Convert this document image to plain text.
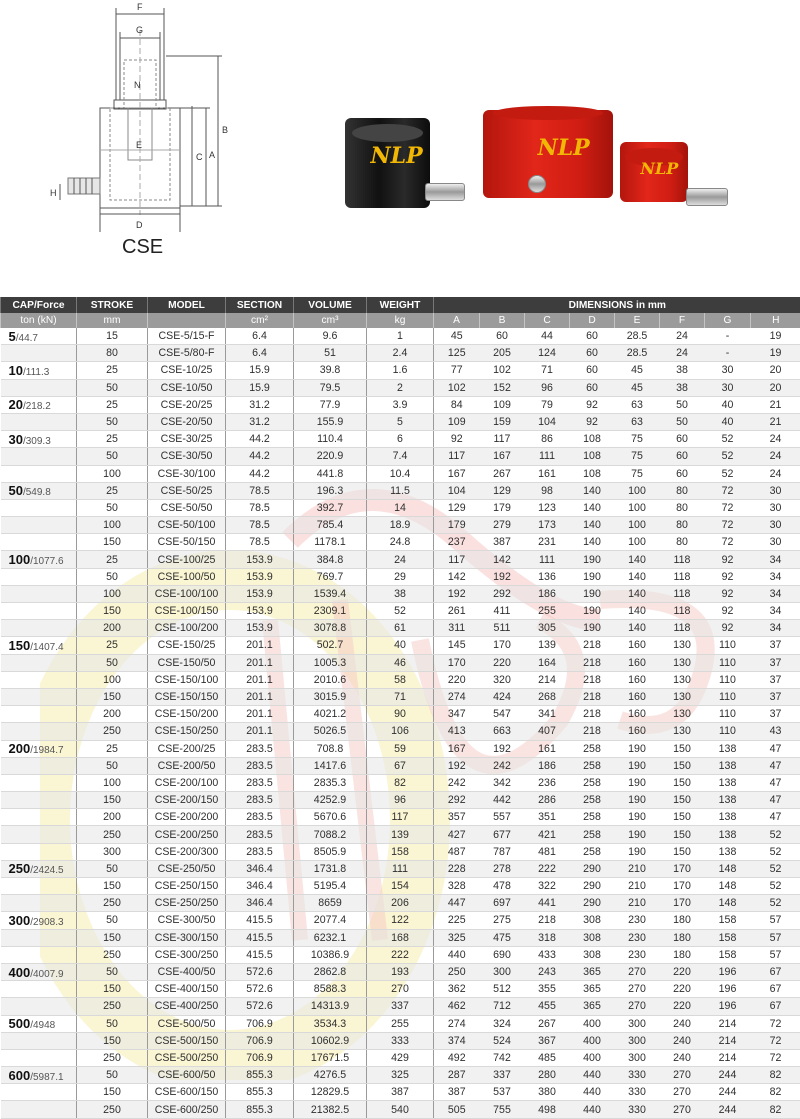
F
G
N
E
C A
B
H
D
CSE
NLP	NLP
NLP
CAP/Force	STROKE	MODEL	SECTION	VOLUME	WEIGHT	DIMENSIONS in mm							
ton (kN)	mm		cm²	cm³	kg	A	B	C	D	E	F	G	H
5/44.7	15	CSE-5/15-F	6.4	9.6	1	45	60	44	60	28.5	24	-	19
	80	CSE-5/80-F	6.4	51	2.4	125	205	124	60	28.5	24	-	19
10/111.3	25	CSE-10/25	15.9	39.8	1.6	77	102	71	60	45	38	30	20
	50	CSE-10/50	15.9	79.5	2	102	152	96	60	45	38	30	20
20/218.2	25	CSE-20/25	31.2	77.9	3.9	84	109	79	92	63	50	40	21
	50	CSE-20/50	31.2	155.9	5	109	159	104	92	63	50	40	21
30/309.3	25	CSE-30/25	44.2	110.4	6	92	117	86	108	75	60	52	24
	50	CSE-30/50	44.2	220.9	7.4	117	167	111	108	75	60	52	24
	100	CSE-30/100	44.2	441.8	10.4	167	267	161	108	75	60	52	24
50/549.8	25	CSE-50/25	78.5	196.3	11.5	104	129	98	140	100	80	72	30
	50	CSE-50/50	78.5	392.7	14	129	179	123	140	100	80	72	30
	100	CSE-50/100	78.5	785.4	18.9	179	279	173	140	100	80	72	30
	150	CSE-50/150	78.5	1178.1	24.8	237	387	231	140	100	80	72	30
100/1077.6	25	CSE-100/25	153.9	384.8	24	117	142	111	190	140	118	92	34
	50	CSE-100/50	153.9	769.7	29	142	192	136	190	140	118	92	34
	100	CSE-100/100	153.9	1539.4	38	192	292	186	190	140	118	92	34
	150	CSE-100/150	153.9	2309.1	52	261	411	255	190	140	118	92	34
	200	CSE-100/200	153.9	3078.8	61	311	511	305	190	140	118	92	34
150/1407.4	25	CSE-150/25	201.1	502.7	40	145	170	139	218	160	130	110	37
	50	CSE-150/50	201.1	1005.3	46	170	220	164	218	160	130	110	37
	100	CSE-150/100	201.1	2010.6	58	220	320	214	218	160	130	110	37
	150	CSE-150/150	201.1	3015.9	71	274	424	268	218	160	130	110	37
	200	CSE-150/200	201.1	4021.2	90	347	547	341	218	160	130	110	37
	250	CSE-150/250	201.1	5026.5	106	413	663	407	218	160	130	110	43
200/1984.7	25	CSE-200/25	283.5	708.8	59	167	192	161	258	190	150	138	47
	50	CSE-200/50	283.5	1417.6	67	192	242	186	258	190	150	138	47
	100	CSE-200/100	283.5	2835.3	82	242	342	236	258	190	150	138	47
	150	CSE-200/150	283.5	4252.9	96	292	442	286	258	190	150	138	47
	200	CSE-200/200	283.5	5670.6	117	357	557	351	258	190	150	138	47
	250	CSE-200/250	283.5	7088.2	139	427	677	421	258	190	150	138	52
	300	CSE-200/300	283.5	8505.9	158	487	787	481	258	190	150	138	52
250/2424.5	50	CSE-250/50	346.4	1731.8	111	228	278	222	290	210	170	148	52
	150	CSE-250/150	346.4	5195.4	154	328	478	322	290	210	170	148	52
	250	CSE-250/250	346.4	8659	206	447	697	441	290	210	170	148	52
300/2908.3	50	CSE-300/50	415.5	2077.4	122	225	275	218	308	230	180	158	57
	150	CSE-300/150	415.5	6232.1	168	325	475	318	308	230	180	158	57
	250	CSE-300/250	415.5	10386.9	222	440	690	433	308	230	180	158	57
400/4007.9	50	CSE-400/50	572.6	2862.8	193	250	300	243	365	270	220	196	67
	150	CSE-400/150	572.6	8588.3	270	362	512	355	365	270	220	196	67
	250	CSE-400/250	572.6	14313.9	337	462	712	455	365	270	220	196	67
500/4948	50	CSE-500/50	706.9	3534.3	255	274	324	267	400	300	240	214	72
	150	CSE-500/150	706.9	10602.9	333	374	524	367	400	300	240	214	72
	250	CSE-500/250	706.9	17671.5	429	492	742	485	400	300	240	214	72
600/5987.1	50	CSE-600/50	855.3	4276.5	325	287	337	280	440	330	270	244	82
	150	CSE-600/150	855.3	12829.5	387	387	537	380	440	330	270	244	82
	250	CSE-600/250	855.3	21382.5	540	505	755	498	440	330	270	244	82
